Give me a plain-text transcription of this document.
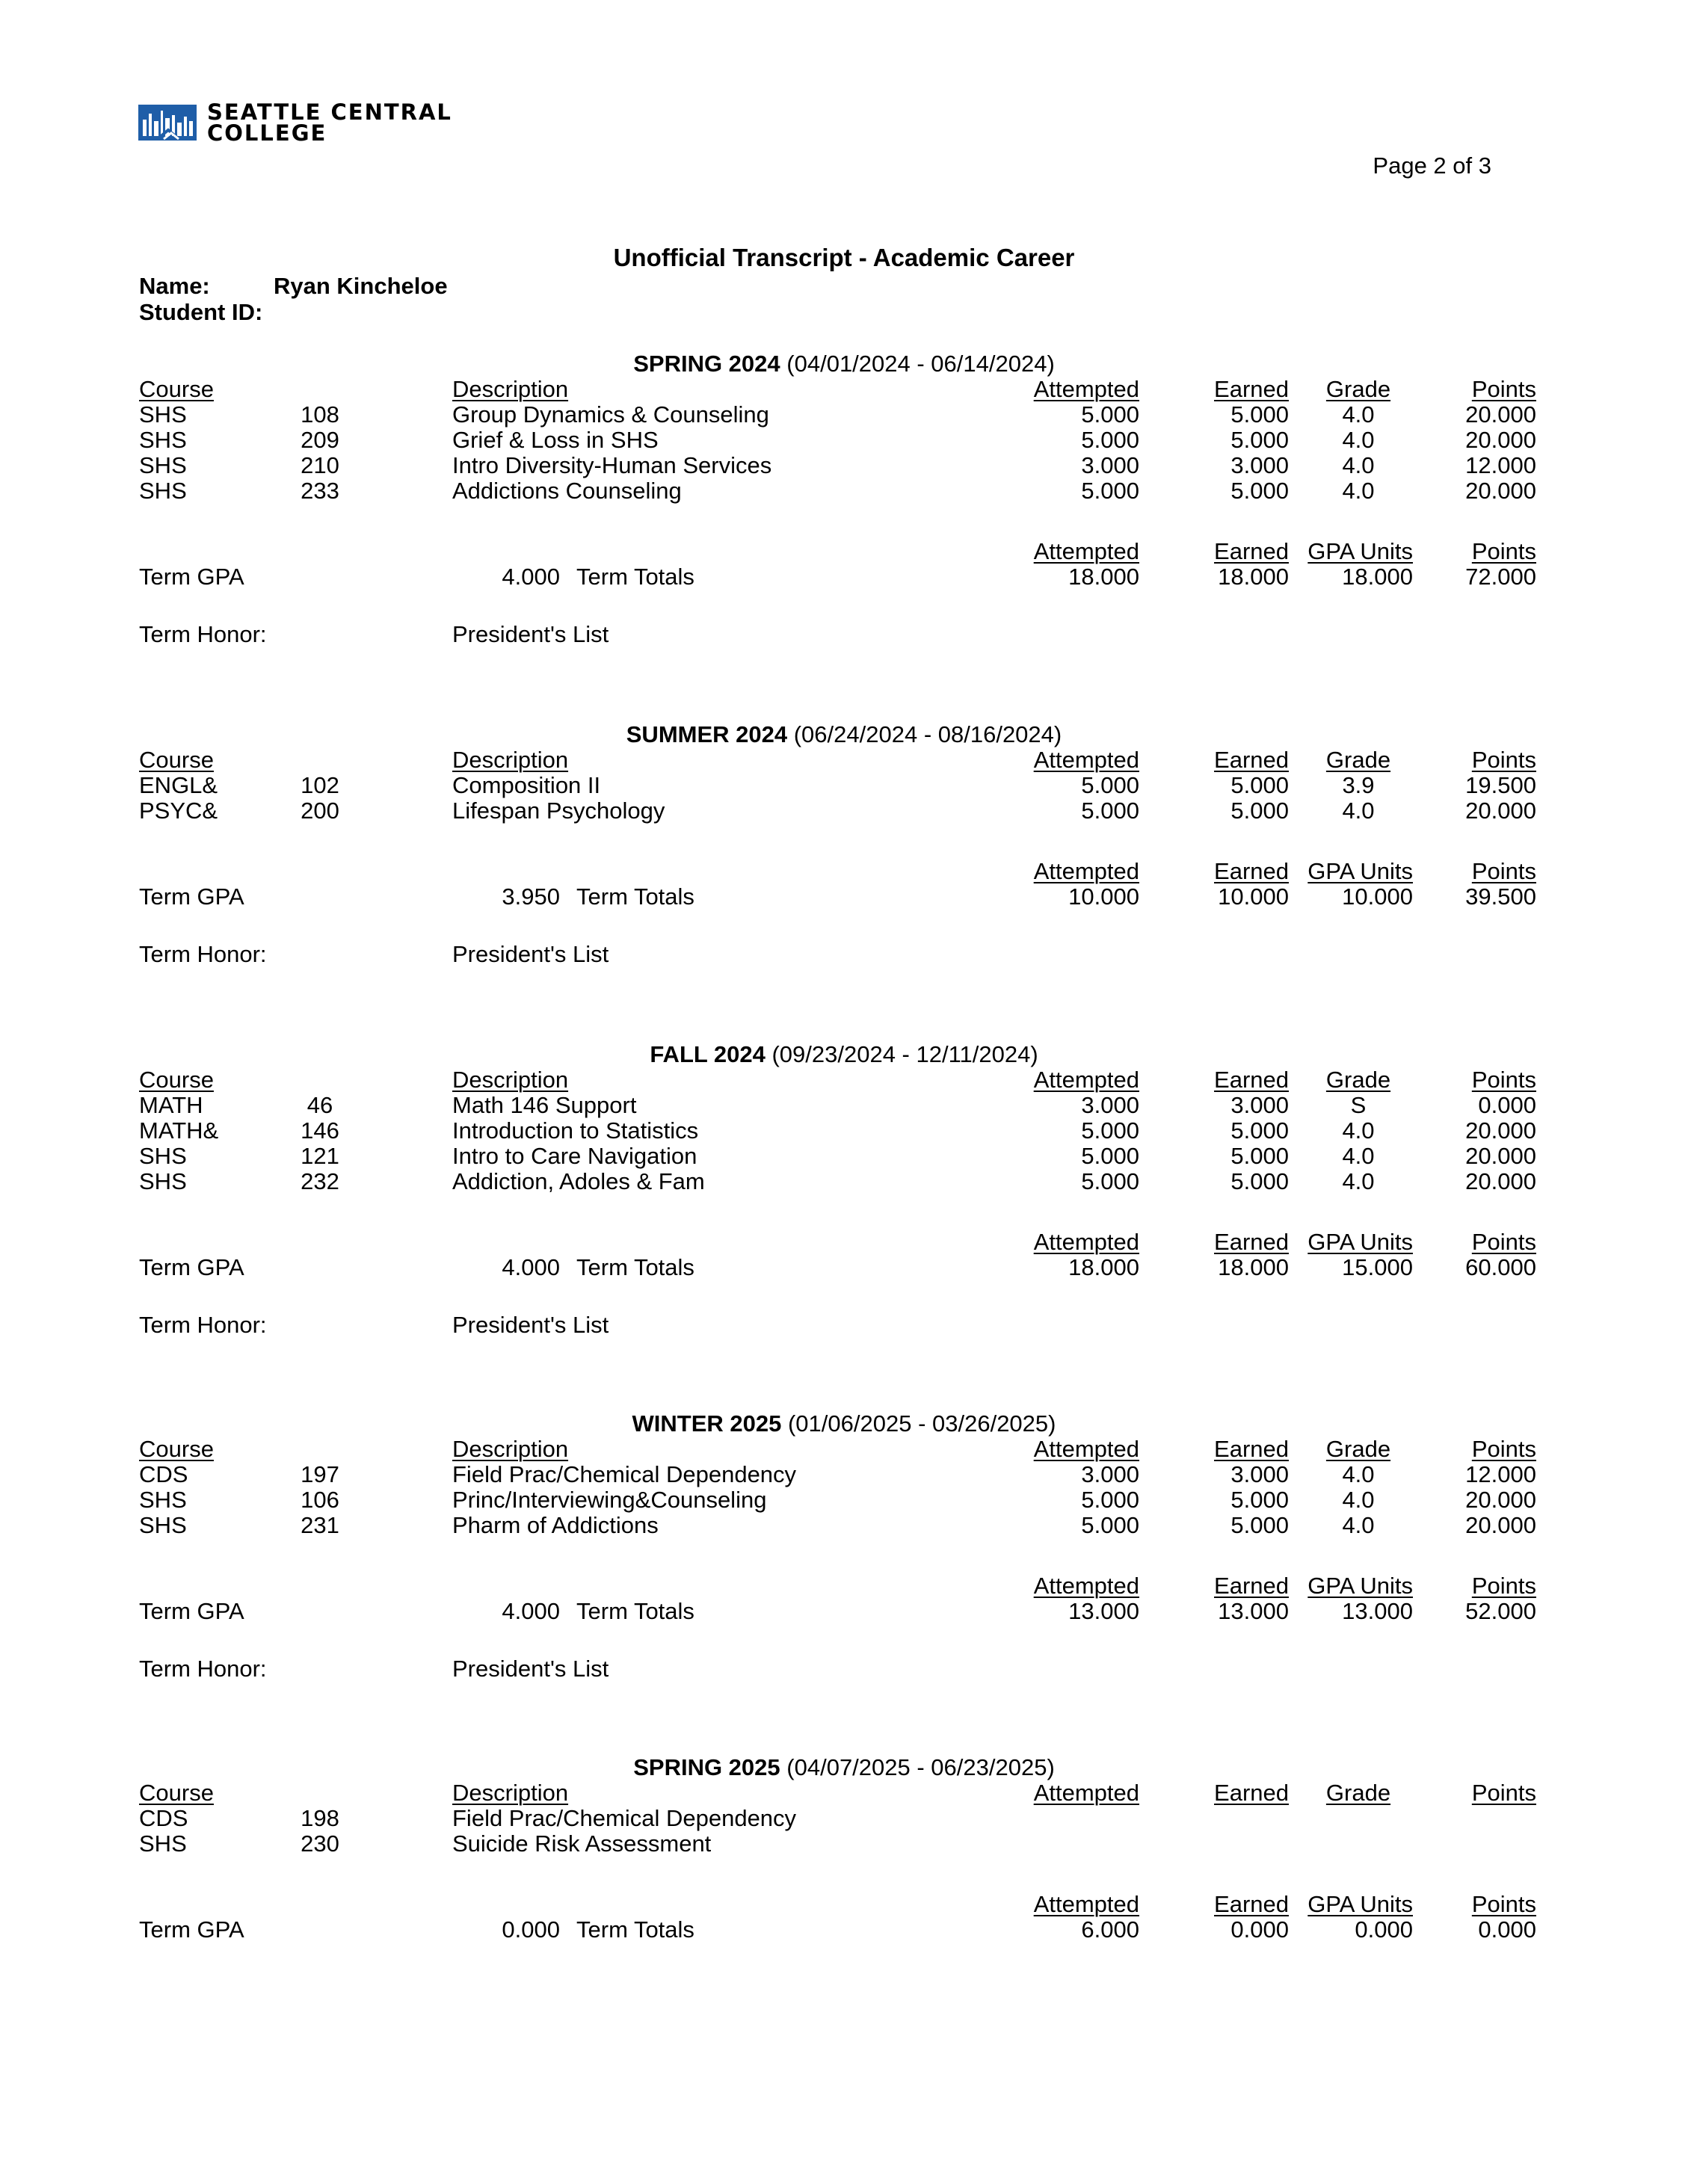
SEATTLE CENTRAL
COLLEGE
Page 2 of 3
Unofficial Transcript - Academic Career
Name:	Ryan Kincheloe
Student ID:
SPRING 2024 (04/01/2024 - 06/14/2024)
Course	Description	Attempted	Earned	Grade	Points
SHS	108	Group Dynamics & Counseling	5.000	5.000	4.0	20.000
SHS	209	Grief & Loss in SHS	5.000	5.000	4.0	20.000
SHS	210	Intro Diversity-Human Services	3.000	3.000	4.0	12.000
SHS	233	Addictions Counseling	5.000	5.000	4.0	20.000
Attempted	Earned GPA Units	Points
Term GPA	4.000 Term Totals	18.000	18.000 18.000 72.000
Term Honor:	President's List
SUMMER 2024 (06/24/2024 - 08/16/2024)
Course	Description	Attempted	Earned	Grade	Points
ENGL&	102	Composition II	5.000	5.000	3.9	19.500
PSYC&	200	Lifespan Psychology	5.000	5.000	4.0	20.000
Attempted	Earned GPA Units	Points
Term GPA	3.950 Term Totals	10.000	10.000 10.000 39.500
Term Honor:	President's List
FALL 2024 (09/23/2024 - 12/11/2024)
Course	Description	Attempted	Earned	Grade	Points
MATH	46	Math 146 Support	3.000	3.000	S	0.000
MATH&	146	Introduction to Statistics	5.000	5.000	4.0	20.000
SHS	121	Intro to Care Navigation	5.000	5.000	4.0	20.000
SHS	232	Addiction, Adoles & Fam	5.000	5.000	4.0	20.000
Attempted	Earned GPA Units	Points
Term GPA	4.000 Term Totals	18.000	18.000 15.000 60.000
Term Honor:	President's List
WINTER 2025 (01/06/2025 - 03/26/2025)
Course	Description	Attempted	Earned	Grade	Points
CDS	197	Field Prac/Chemical Dependency	3.000	3.000	4.0	12.000
SHS	106	Princ/Interviewing&Counseling	5.000	5.000	4.0	20.000
SHS	231	Pharm of Addictions	5.000	5.000	4.0	20.000
Attempted	Earned GPA Units	Points
Term GPA	4.000 Term Totals	13.000	13.000 13.000 52.000
Term Honor:	President's List
SPRING 2025 (04/07/2025 - 06/23/2025)
Course	Description	Attempted	Earned	Grade	Points
CDS	198	Field Prac/Chemical Dependency
SHS	230	Suicide Risk Assessment
Attempted	Earned GPA Units	Points
Term GPA	0.000 Term Totals	6.000	0.000	0.000	0.000
